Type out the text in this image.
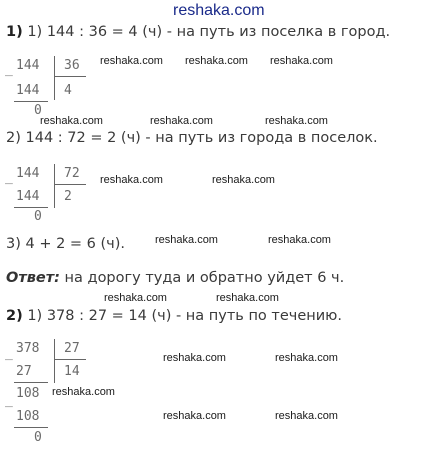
reshaka.com
1) 1) 144 : 36 = 4 (ч) - на путь из поселка в город.
_ 144 36
144 4
0
reshaka.com reshaka.com reshaka.com
reshaka.com	reshaka.com	reshaka.com
2) 144 : 72 = 2 (ч) - на путь из города в поселок.
_ 144 72
144 2
0
reshaka.com	reshaka.com
3) 4 + 2 = 6 (ч).	reshaka.com	reshaka.com
Ответ: на дорогу туда и обратно уйдет 6 ч.
reshaka.com	reshaka.com
2) 1) 378 : 27 = 14 (ч) - на путь по течению.
_ 378 27
27 14
_ 108
108
0
reshaka.com	reshaka.com
reshaka.com
reshaka.com	reshaka.com
